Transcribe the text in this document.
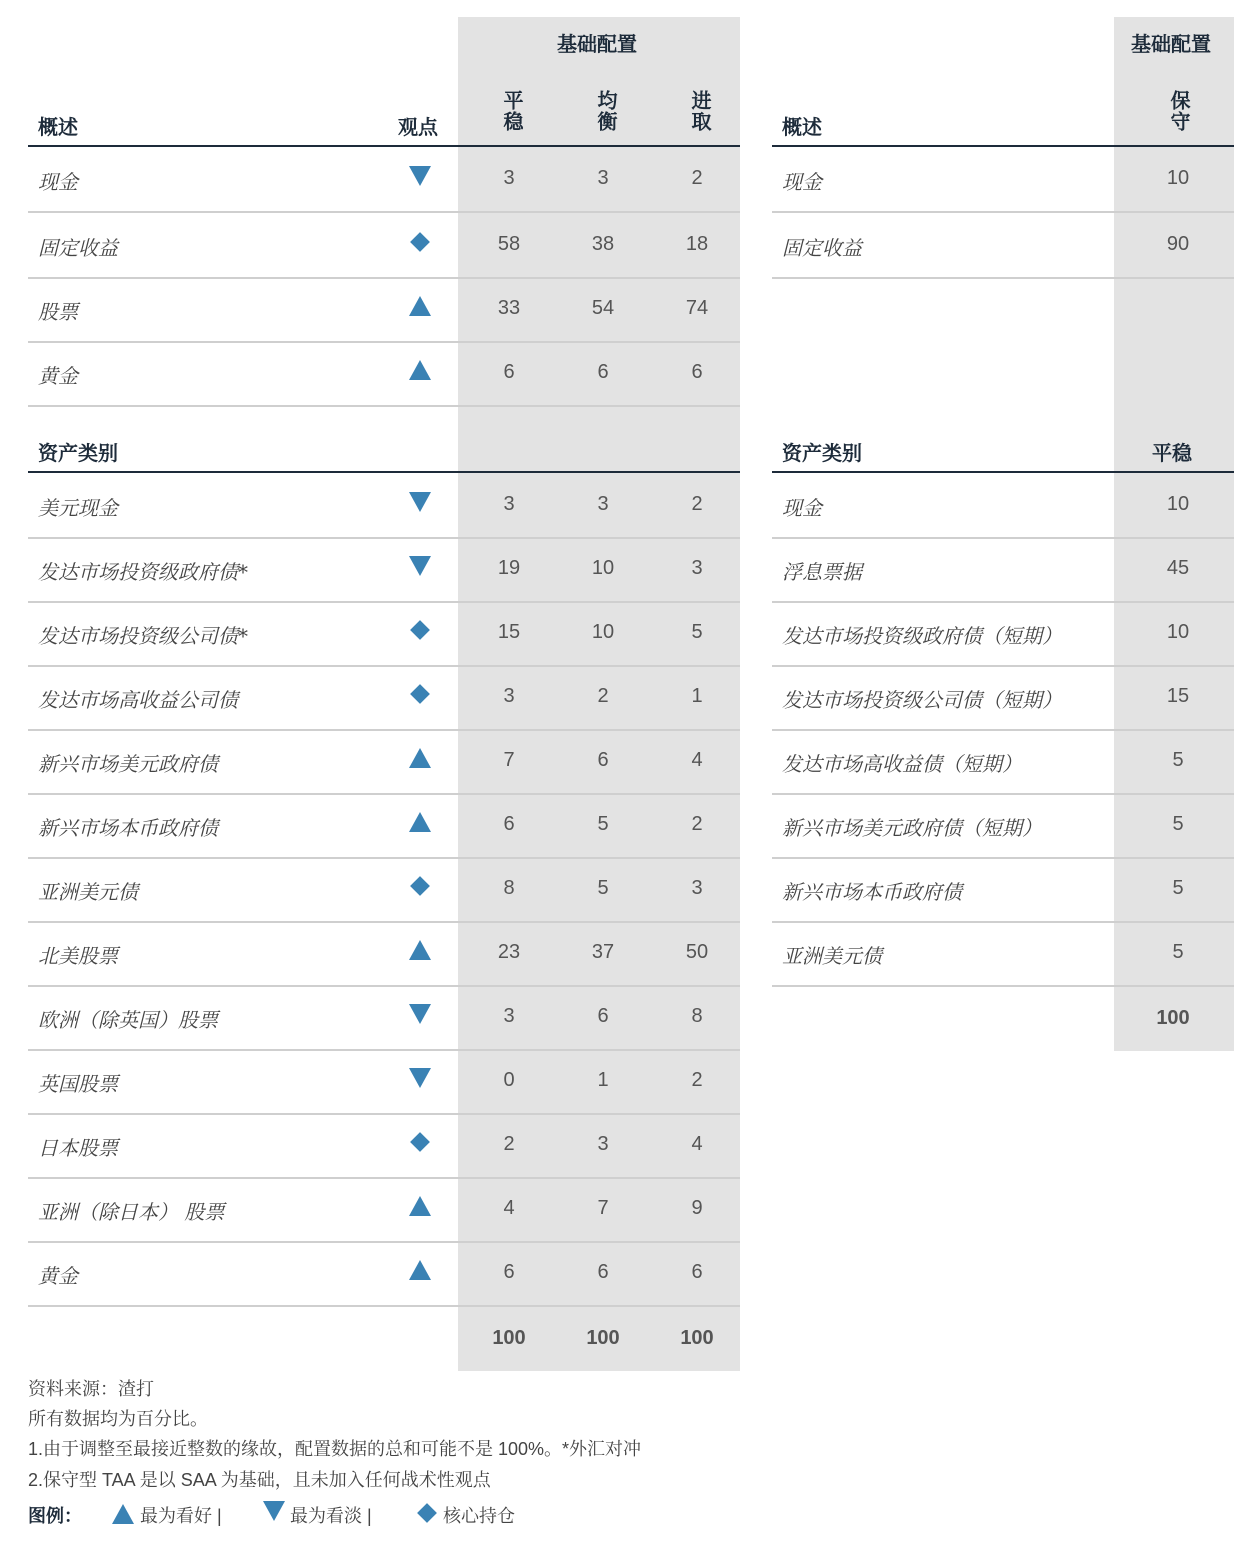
基础配置
概述	观点	平稳	均衡	进取
现金	3	3	2
固定收益	58	38	18
股票	33	54	74
黄金	6	6	6
资产类别
美元现金	3	3	2
发达市场投资级政府债*	19	10	3
发达市场投资级公司债*	15	10	5
发达市场高收益公司债	3	2	1
新兴市场美元政府债	7	6	4
新兴市场本币政府债	6	5	2
亚洲美元债	8	5	3
北美股票	23	37	50
欧洲（除英国）股票	3	6	8
英国股票	0	1	2
日本股票	2	3	4
亚洲（除日本） 股票	4	7	9
黄金	6	6	6
100	100	100
基础配置
概述	保守
现金	10
固定收益	90
资产类别	平稳
现金	10
浮息票据	45
发达市场投资级政府债（短期）	10
发达市场投资级公司债（短期）	15
发达市场高收益债（短期）	5
新兴市场美元政府债（短期）	5
新兴市场本币政府债	5
亚洲美元债	5
100
资料来源：渣打
所有数据均为百分比。
1.由于调整至最接近整数的缘故，配置数据的总和可能不是 100%。*外汇对冲
2.保守型 TAA 是以 SAA 为基础，且未加入任何战术性观点
图例：	最为看好 |	最为看淡 |	核心持仓
